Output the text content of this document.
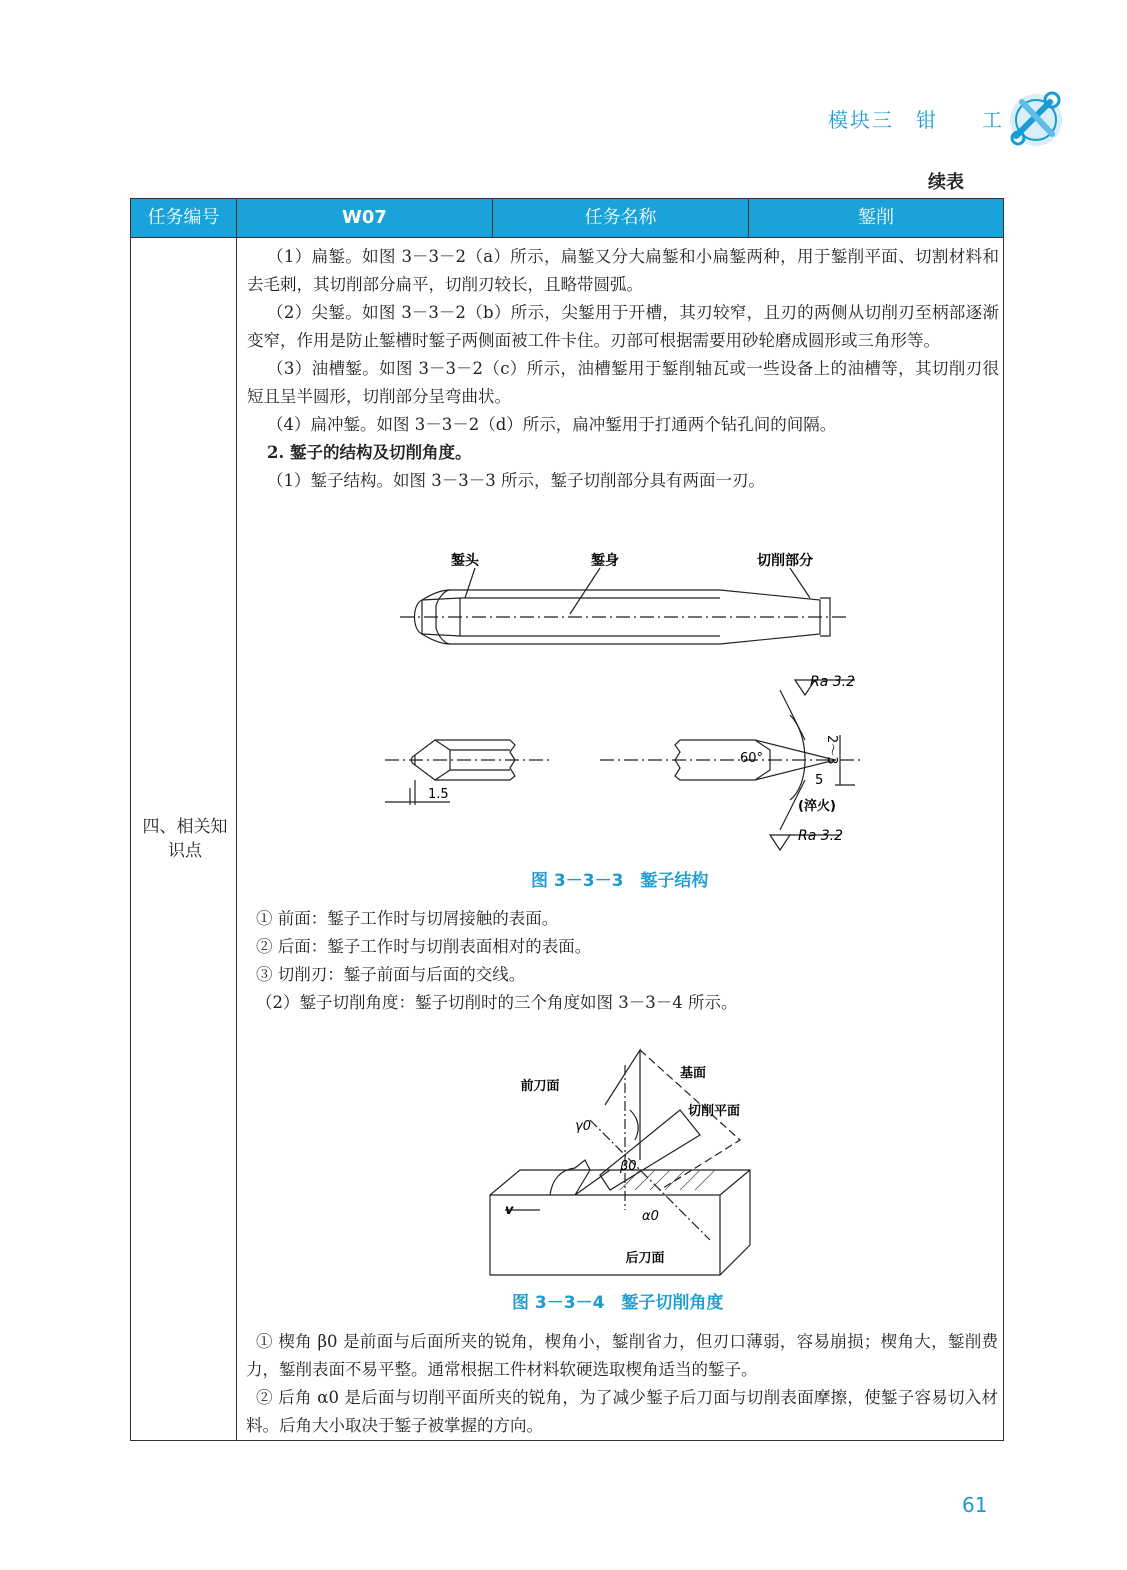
模块三　钳　　工
续表
任务编号	W07	任务名称	錾削
四、相关知识点

（1）扁錾。如图 3－3－2（a）所示，扁錾又分大扁錾和小扁錾两种，用于錾削平面、切割材料和去毛刺，其切削部分扁平，切削刃较长，且略带圆弧。

（2）尖錾。如图 3－3－2（b）所示，尖錾用于开槽，其刃较窄，且刃的两侧从切削刃至柄部逐渐变窄，作用是防止錾槽时錾子两侧面被工件卡住。刃部可根据需要用砂轮磨成圆形或三角形等。

（3）油槽錾。如图 3－3－2（c）所示，油槽錾用于錾削轴瓦或一些设备上的油槽等，其切削刃很短且呈半圆形，切削部分呈弯曲状。

（4）扁冲錾。如图 3－3－2（d）所示，扁冲錾用于打通两个钻孔间的间隔。

2. 錾子的结构及切削角度。

（1）錾子结构。如图 3－3－3 所示，錾子切削部分具有两面一刃。

錾头	錾身	切削部分
Ra 3.2
60°	2～3
5
(淬火)
Ra 3.2
1.5
图 3－3－3　錾子结构

① 前面：錾子工作时与切屑接触的表面。

② 后面：錾子工作时与切削表面相对的表面。

③ 切削刃：錾子前面与后面的交线。

（2）錾子切削角度：錾子切削时的三个角度如图 3－3－4 所示。

前刀面
基面
切削平面
γ0
β0
α0
v
后刀面
图 3－3－4　錾子切削角度

① 楔角 β0 是前面与后面所夹的锐角，楔角小，錾削省力，但刃口薄弱，容易崩损；楔角大，錾削费力，錾削表面不易平整。通常根据工件材料软硬选取楔角适当的錾子。

② 后角 α0 是后面与切削平面所夹的锐角，为了减少錾子后刀面与切削表面摩擦，使錾子容易切入材料。后角大小取决于錾子被掌握的方向。

61
